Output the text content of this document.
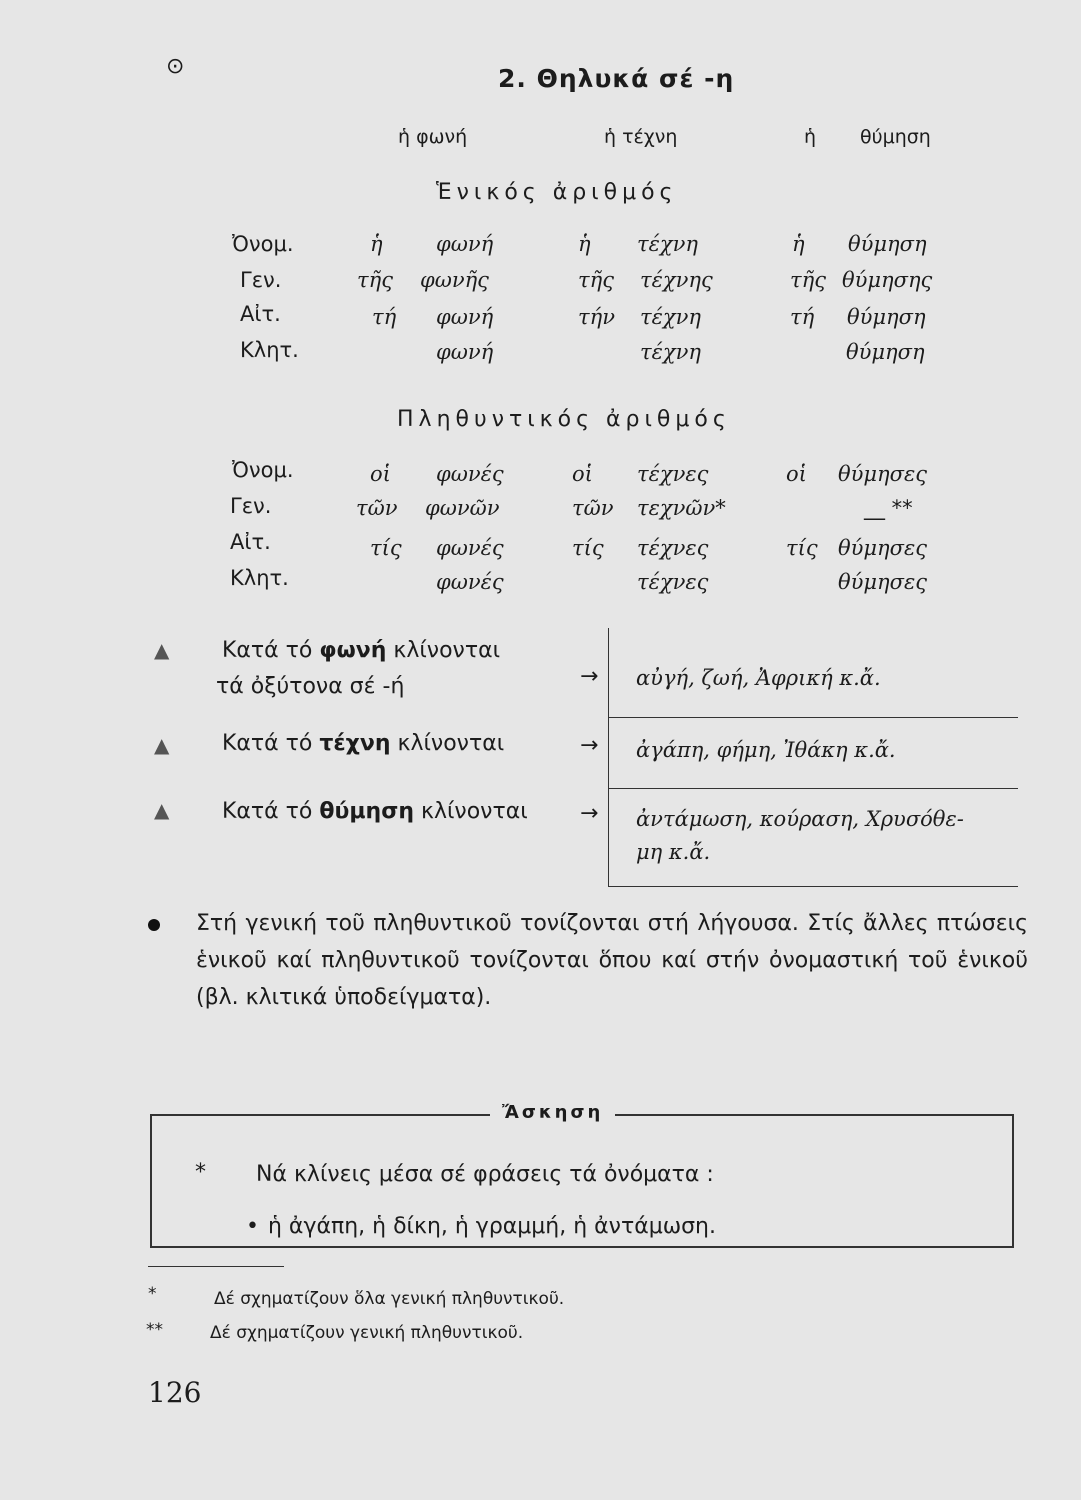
⊙	2. Θηλυκά σέ -η
ἡ φωνή	ἡ τέχνη	ἡ θύμηση
Ἑνικός ἀριθμός
Ὀνομ.	ἡ	φωνή	ἡ τέχνη	ἡ θύμηση
Γεν.	τῆς φωνῆς	τῆς τέχνης	τῆς θύμησης
Αἰτ.	τή φωνή	τήν τέχνη	τή θύμηση
Κλητ.	φωνή	τέχνη	θύμηση
Πληθυντικός ἀριθμός
Ὀνομ.	οἱ φωνές	οἱ τέχνες	οἱ θύμησες
Γεν.	τῶν φωνῶν	τῶν τεχνῶν*	__ **
Αἰτ.	τίς φωνές	τίς τέχνες	τίς θύμησες
Κλητ.	φωνές	τέχνες	θύμησες
▲ Κατά τό φωνή κλίνονται
τά ὀξύτονα σέ -ή	→ αὐγή, ζωή, Ἀφρική κ.ἄ.
▲ Κατά τό τέχνη κλίνονται	→ ἀγάπη, φήμη, Ἰθάκη κ.ἄ.
▲ Κατά τό θύμηση κλίνονται → ἀντάμωση, κούραση, Χρυσόθε-
μη κ.ἄ.
Στή γενική τοῦ πληθυντικοῦ τονίζονται στή λήγουσα. Στίς ἄλλες πτώσεις ἑνικοῦ καί πληθυντικοῦ τονίζονται ὅπου καί στήν ὀνομαστική τοῦ ἑνικοῦ (βλ. κλιτικά ὑποδείγματα).
Ἄσκηση
* Νά κλίνεις μέσα σέ φράσεις τά ὀνόματα :
• ἡ ἀγάπη, ἡ δίκη, ἡ γραμμή, ἡ ἀντάμωση.
*	Δέ σχηματίζουν ὅλα γενική πληθυντικοῦ.
**	Δέ σχηματίζουν γενική πληθυντικοῦ.
126
